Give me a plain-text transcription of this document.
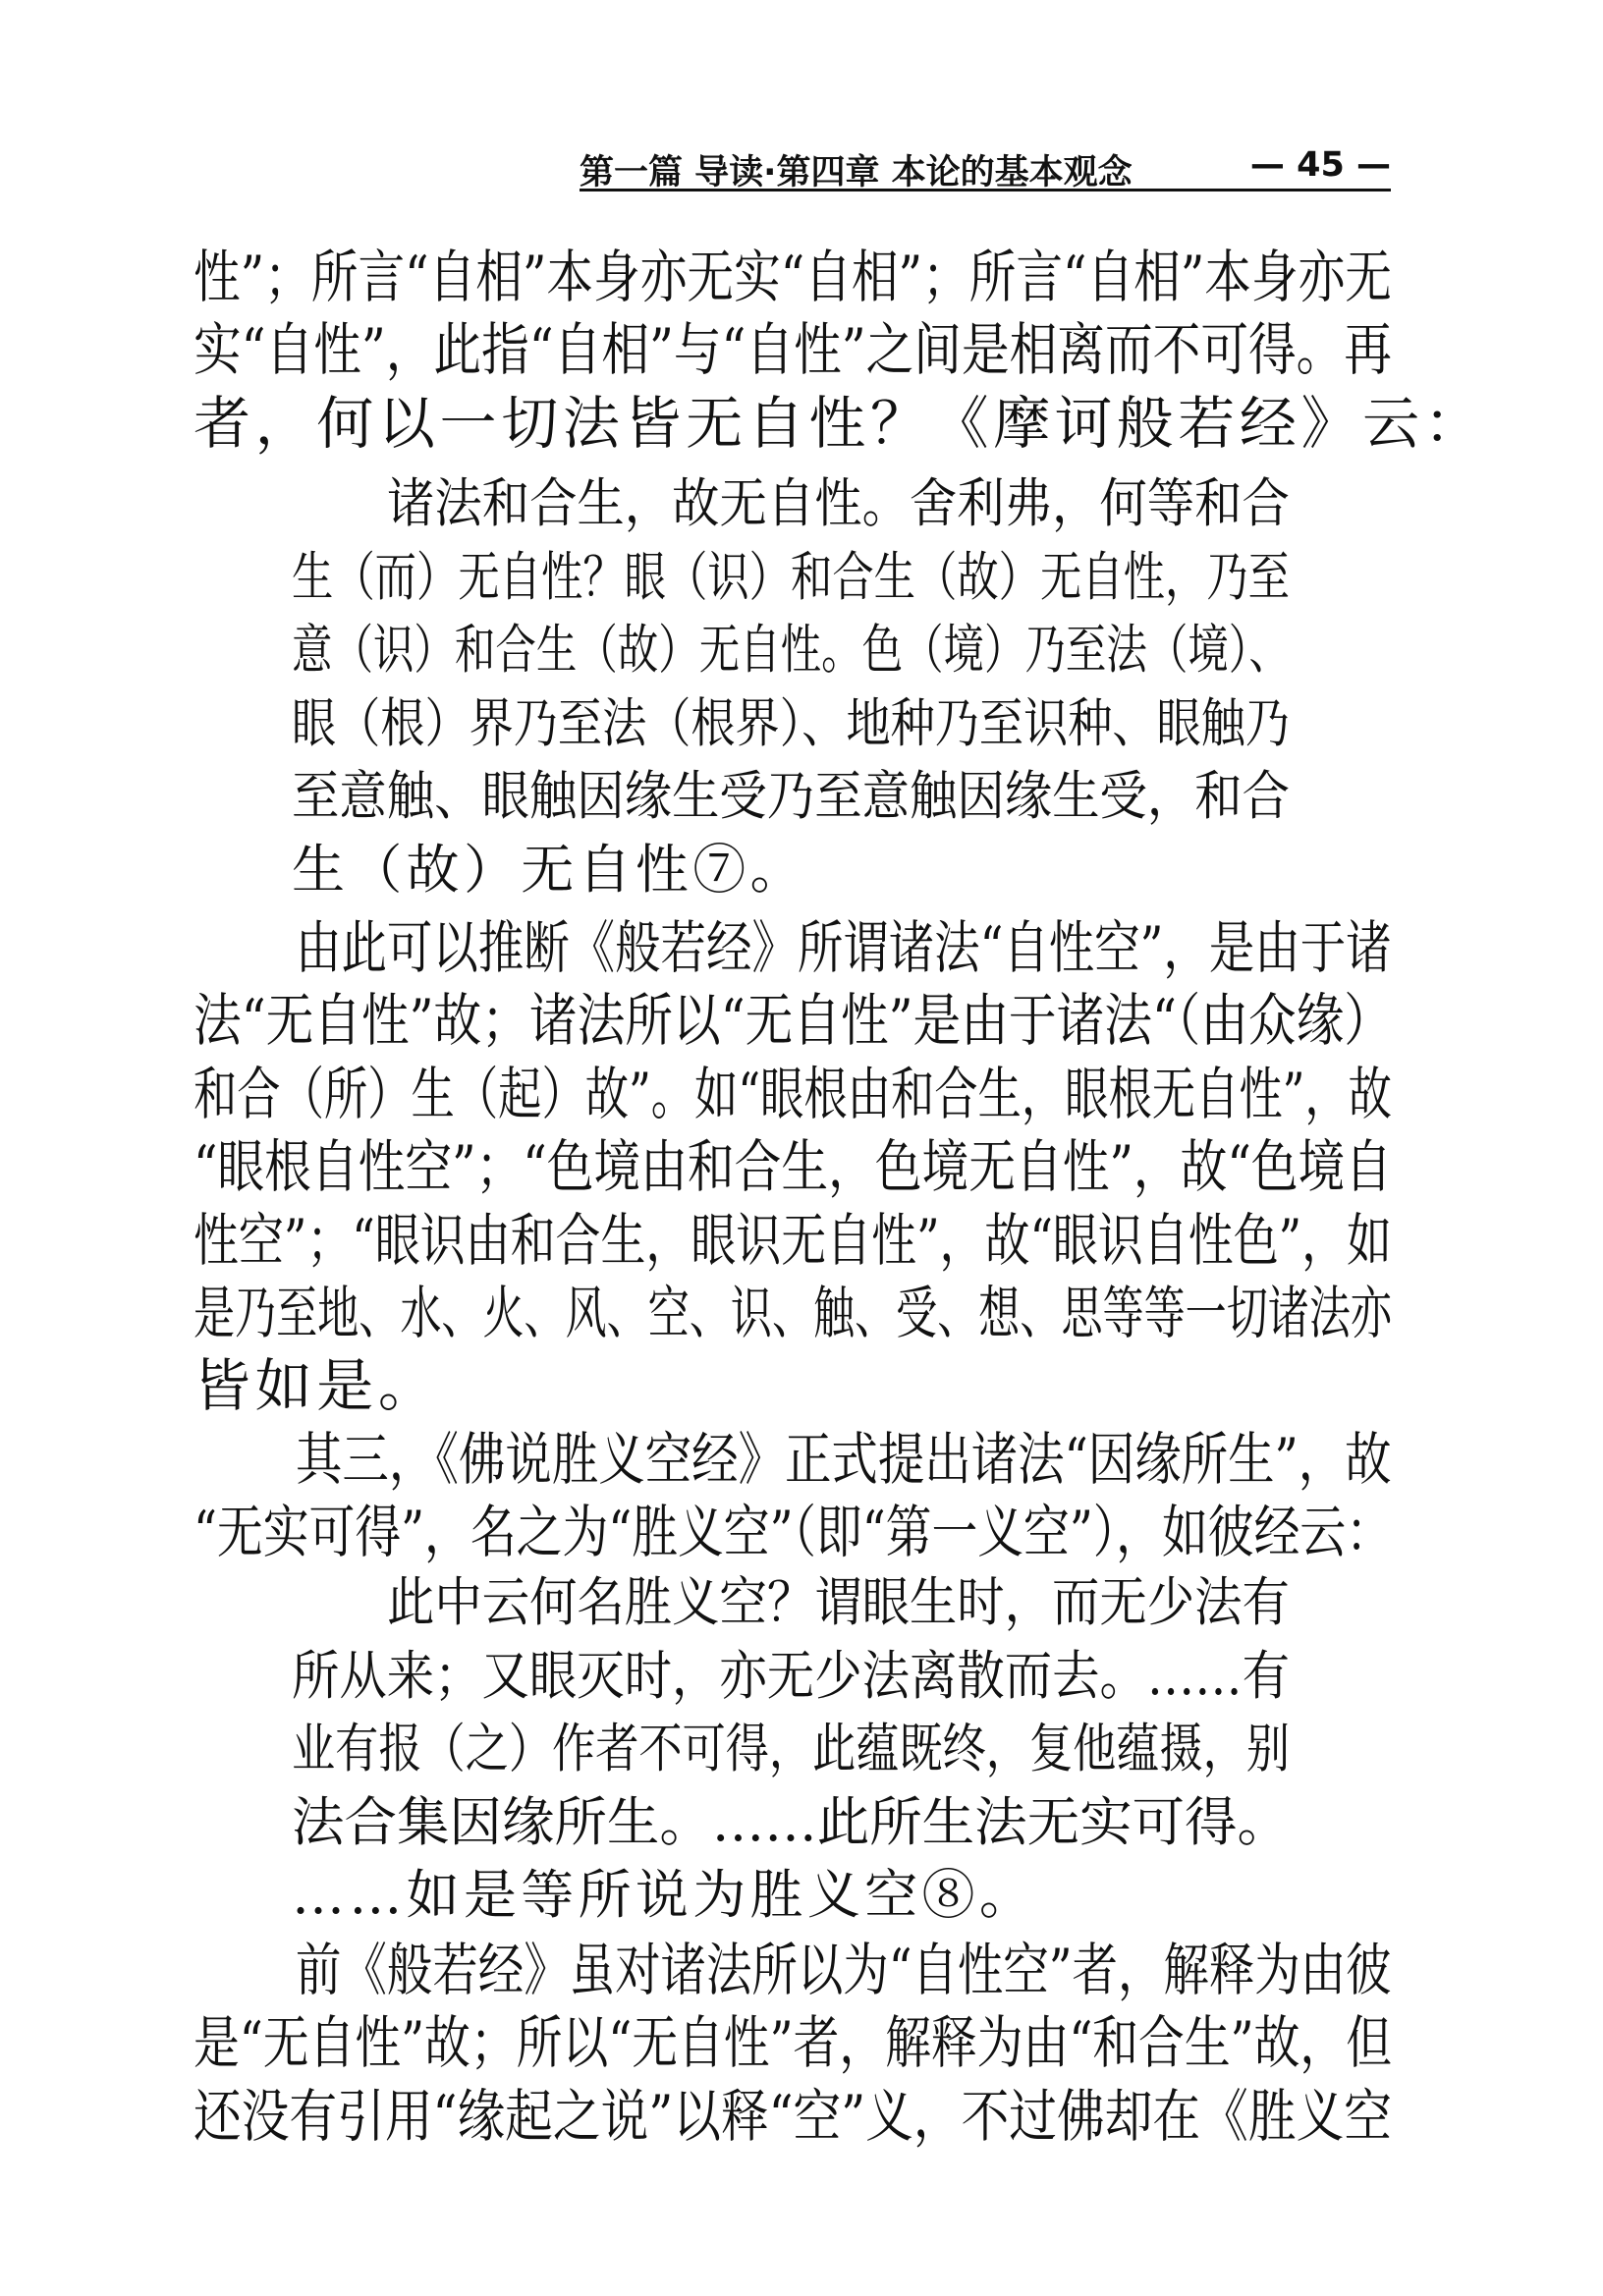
第一篇 导读·第四章 本论的基本观念	— 45 —
性”；所言“自相”本身亦无实“自相”；所言“自相”本身亦无
实“自性”，此指“自相”与“自性”之间是相离而不可得。再
者，何以一切法皆无自性？《摩诃般若经》云：
诸法和合生，故无自性。舍利弗，何等和合
生（而）无自性？眼（识）和合生（故）无自性，乃至
意（识）和合生（故）无自性。色（境）乃至法（境）、
眼（根）界乃至法（根界）、地种乃至识种、眼触乃
至意触、眼触因缘生受乃至意触因缘生受，和合
生（故）无自性⑦。
由此可以推断《般若经》所谓诸法“自性空”，是由于诸
法“无自性”故；诸法所以“无自性”是由于诸法“（由众缘）
和合（所）生（起）故”。如“眼根由和合生，眼根无自性”，故
“眼根自性空”；“色境由和合生，色境无自性”，故“色境自
性空”；“眼识由和合生，眼识无自性”，故“眼识自性色”，如
是乃至地、水、火、风、空、识、触、受、想、思等等一切诸法亦
皆如是。
其三，《佛说胜义空经》正式提出诸法“因缘所生”，故
“无实可得”，名之为“胜义空”（即“第一义空”），如彼经云：
此中云何名胜义空？谓眼生时，而无少法有
所从来；又眼灭时，亦无少法离散而去。……有
业有报（之）作者不可得，此蕴既终，复他蕴摄，别
法合集因缘所生。……此所生法无实可得。
……如是等所说为胜义空⑧。
前《般若经》虽对诸法所以为“自性空”者，解释为由彼
是“无自性”故；所以“无自性”者，解释为由“和合生”故，但
还没有引用“缘起之说”以释“空”义，不过佛却在《胜义空
